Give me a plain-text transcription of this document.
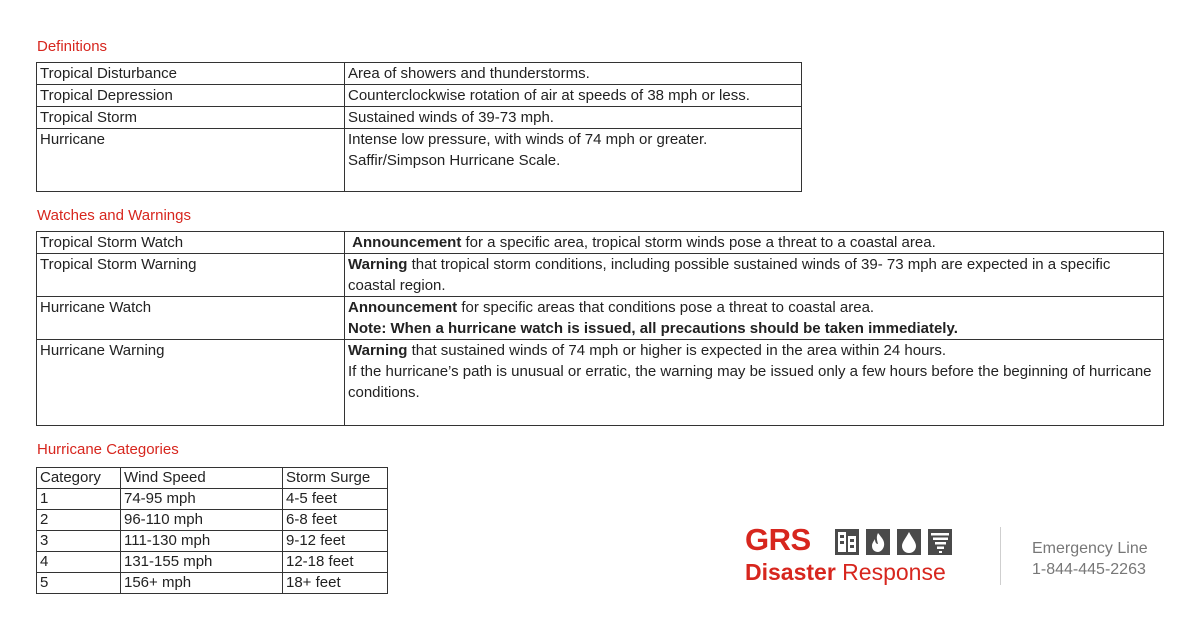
Definitions
Tropical Disturbance	Area of showers and thunderstorms.

Tropical Depression	Counterclockwise rotation of air at speeds of 38 mph or less.

Tropical Storm	Sustained winds of 39-73 mph.

Hurricane	Intense low pressure, with winds of 74 mph or greater.

Saffir/Simpson Hurricane Scale.

Watches and Warnings
Tropical Storm Watch	Announcement for a specific area, tropical storm winds pose a threat to a coastal area.

Tropical Storm Warning	Warning that tropical storm conditions, including possible sustained winds of 39- 73 mph are expected in a specific coastal region.

Hurricane Watch	Announcement for specific areas that conditions pose a threat to coastal area.

Note: When a hurricane watch is issued, all precautions should be taken immediately.

Hurricane Warning	Warning that sustained winds of 74 mph or higher is expected in the area within 24 hours.

If the hurricane’s path is unusual or erratic, the warning may be issued only a few hours before the beginning of hurricane conditions.

Hurricane Categories
Category	Wind Speed	Storm Surge
1	74-95 mph	4-5 feet
2	96-110 mph	6-8 feet
3	111-130 mph	9-12 feet
4	131-155 mph	12-18 feet
5	156+ mph	18+ feet
GRS
Disaster Response
Emergency Line
1-844-445-2263
